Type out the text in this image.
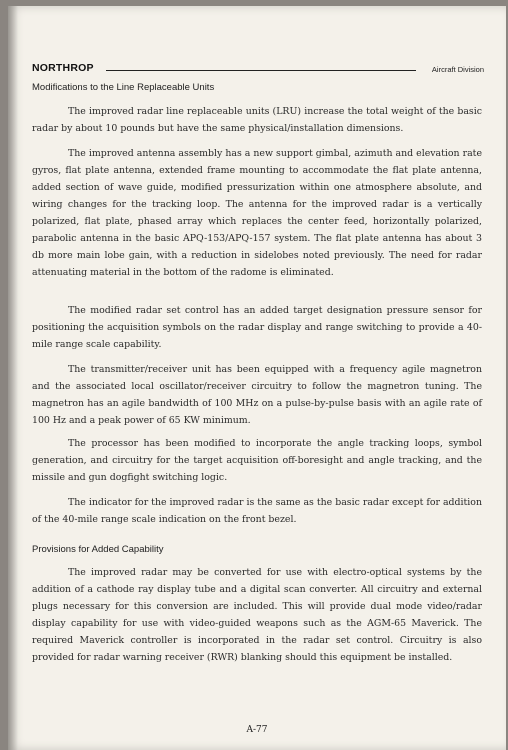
NORTHROP	Aircraft Division
Modifications to the Line Replaceable Units
The improved radar line replaceable units (LRU) increase the total weight of the basic radar by about 10 pounds but have the same physical/installation dimensions.
The improved antenna assembly has a new support gimbal, azimuth and elevation rate gyros, flat plate antenna, extended frame mounting to accommodate the flat plate antenna, added section of wave guide, modified pressurization within one atmosphere absolute, and wiring changes for the tracking loop. The antenna for the improved radar is a vertically polarized, flat plate, phased array which replaces the center feed, horizontally polarized, parabolic antenna in the basic APQ-153/APQ-157 system. The flat plate antenna has about 3 db more main lobe gain, with a reduction in sidelobes noted previously. The need for radar attenuating material in the bottom of the radome is eliminated.
The modified radar set control has an added target designation pressure sensor for positioning the acquisition symbols on the radar display and range switching to provide a 40-mile range scale capability.
The transmitter/receiver unit has been equipped with a frequency agile magnetron and the associated local oscillator/receiver circuitry to follow the magnetron tuning. The magnetron has an agile bandwidth of 100 MHz on a pulse-by-pulse basis with an agile rate of 100 Hz and a peak power of 65 KW minimum.
The processor has been modified to incorporate the angle tracking loops, symbol generation, and circuitry for the target acquisition off-boresight and angle tracking, and the missile and gun dogfight switching logic.
The indicator for the improved radar is the same as the basic radar except for addition of the 40-mile range scale indication on the front bezel.
Provisions for Added Capability
The improved radar may be converted for use with electro-optical systems by the addition of a cathode ray display tube and a digital scan converter. All circuitry and external plugs necessary for this conversion are included. This will provide dual mode video/radar display capability for use with video-guided weapons such as the AGM-65 Maverick. The required Maverick controller is incorporated in the radar set control. Circuitry is also provided for radar warning receiver (RWR) blanking should this equipment be installed.
A-77
